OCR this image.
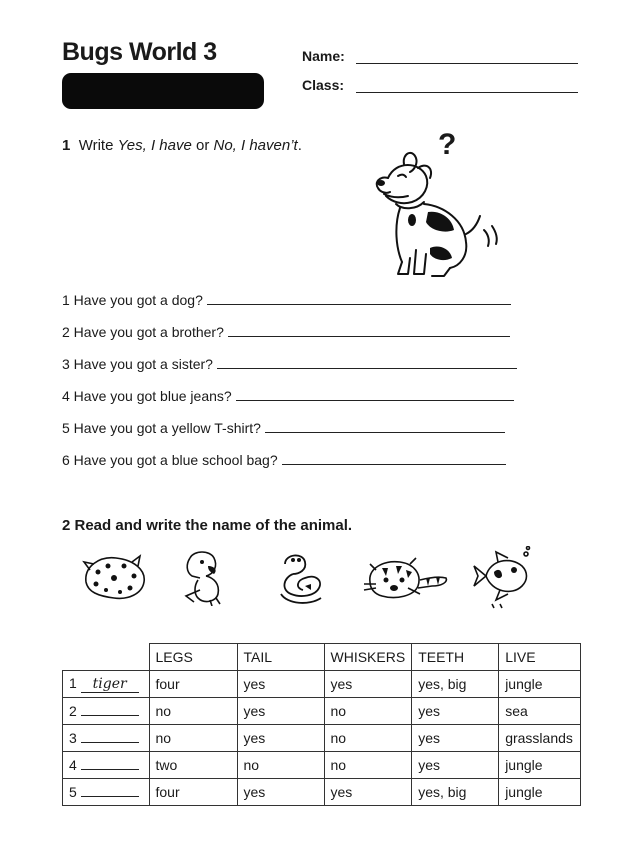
Bugs World 3	Name:
Class:
1 Write Yes, I have or No, I haven’t.	?
1 Have you got a dog?
2 Have you got a brother?
3 Have you got a sister?
4 Have you got blue jeans?
5 Have you got a yellow T-shirt?
6 Have you got a blue school bag?
2 Read and write the name of the animal.
	LEGS	TAIL	WHISKERS	TEETH	LIVE
1 tiger	four	yes	yes	yes, big	jungle
2	no	yes	no	yes	sea
3	no	yes	no	yes	grasslands
4	two	no	no	yes	jungle
5	four	yes	yes	yes, big	jungle
